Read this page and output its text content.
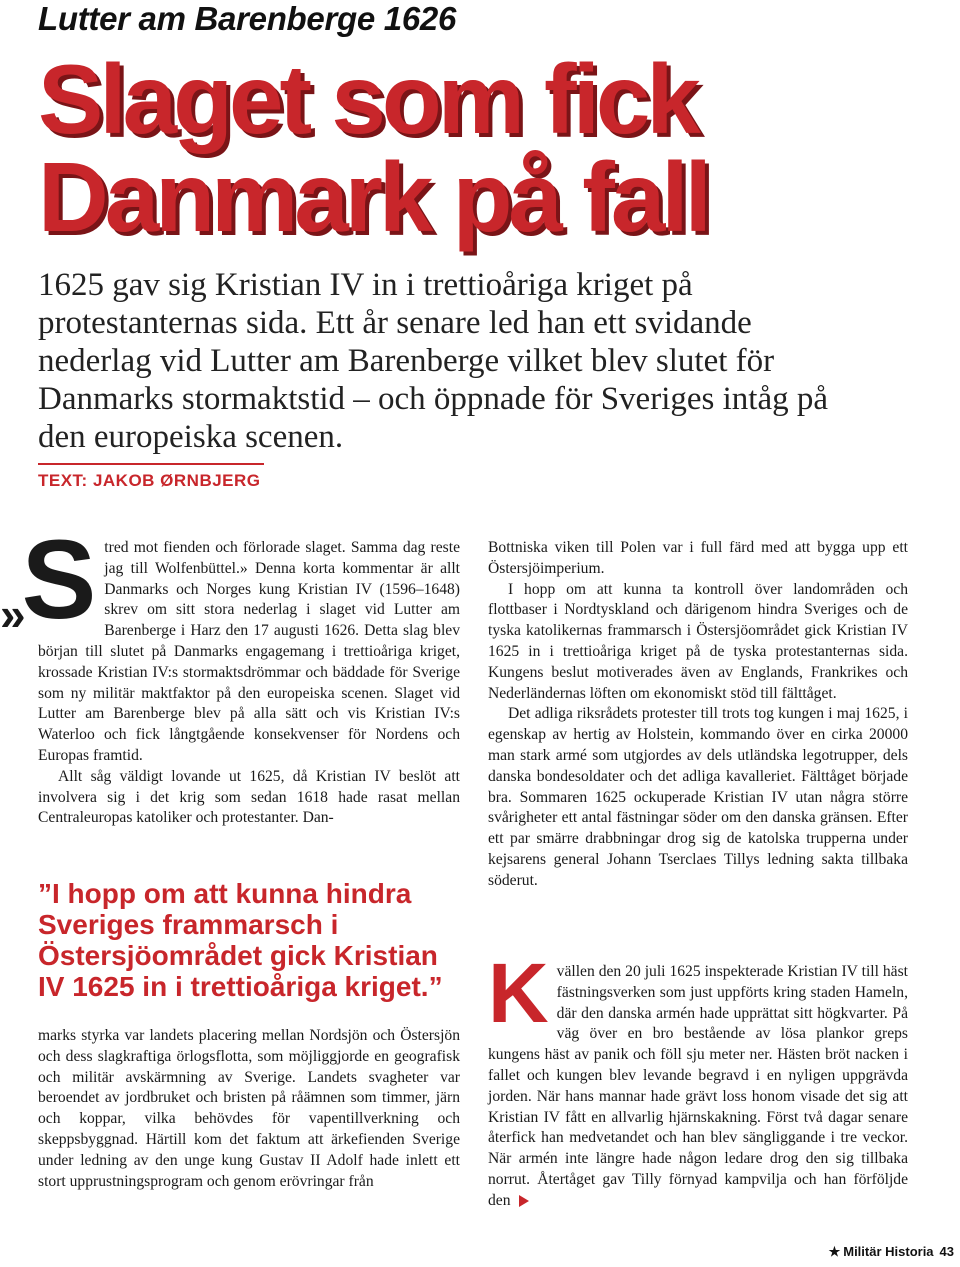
Lutter am Barenberge 1626
Slaget som fick
Danmark på fall

1625 gav sig Kristian IV in i trettioåriga kriget på protestanternas sida. Ett år senare led han ett svidande nederlag vid Lutter am Barenberge vilket blev slutet för Danmarks stormaktstid – och öppnade för Sveriges intåg på den europeiska scenen.

TEXT: JAKOB ØRNBJERG

»S tred mot fienden och förlorade slaget. Samma dag reste jag till Wolfenbüttel.» Denna korta kommentar är allt Danmarks och Norges kung Kristian IV (1596–1648) skrev om sitt stora nederlag i slaget vid Lutter am Barenberge i Harz den 17 augusti 1626. Detta slag blev början till slutet på Danmarks engagemang i trettioåriga kriget, krossade Kristian IV:s stormaktsdrömmar och bäddade för Sverige som ny militär maktfaktor på den europeiska scenen. Slaget vid Lutter am Barenberge blev på alla sätt och vis Kristian IV:s Waterloo och fick långtgående konsekvenser för Nordens och Europas framtid.

Allt såg väldigt lovande ut 1625, då Kristian IV beslöt att involvera sig i det krig som sedan 1618 hade rasat mellan Centraleuropas katoliker och protestanter. Dan-

”I hopp om att kunna hindra Sveriges frammarsch i Östersjöområdet gick Kristian IV 1625 in i trettioåriga kriget.”

marks styrka var landets placering mellan Nordsjön och Östersjön och dess slagkraftiga örlogsflotta, som möjliggjorde en geografisk och militär avskärmning av Sverige. Landets svagheter var beroendet av jordbruket och bristen på råämnen som timmer, järn och koppar, vilka behövdes för vapentillverkning och skeppsbyggnad. Härtill kom det faktum att ärkefienden Sverige under ledning av den unge kung Gustav II Adolf hade inlett ett stort upprustningsprogram och genom erövringar från

Bottniska viken till Polen var i full färd med att bygga upp ett Östersjöimperium.

I hopp om att kunna ta kontroll över landområden och flottbaser i Nordtyskland och därigenom hindra Sveriges och de tyska katolikernas frammarsch i Östersjöområdet gick Kristian IV 1625 in i trettioåriga kriget på de tyska protestanternas sida. Kungens beslut motiverades även av Englands, Frankrikes och Nederländernas löften om ekonomiskt stöd till fälttåget.

Det adliga riksrådets protester till trots tog kungen i maj 1625, i egenskap av hertig av Holstein, kommando över en cirka 20000 man stark armé som utgjordes av dels utländska legotrupper, dels danska bondesoldater och det adliga kavalleriet. Fälttåget började bra. Sommaren 1625 ockuperade Kristian IV utan några större svårigheter ett antal fästningar söder om den danska gränsen. Efter ett par smärre drabbningar drog sig de katolska trupperna under kejsarens general Johann Tserclaes Tillys ledning sakta tillbaka söderut.

Kvällen den 20 juli 1625 inspekterade Kristian IV till häst fästningsverken som just uppförts kring staden Hameln, där den danska armén hade upprättat sitt högkvarter. På väg över en bro bestående av lösa plankor greps kungens häst av panik och föll sju meter ner. Hästen bröt nacken i fallet och kungen blev levande begravd i en nyligen uppgrävda jorden. När hans mannar hade grävt loss honom visade det sig att Kristian IV fått en allvarlig hjärnskakning. Först två dagar senare återfick han medvetandet och han blev sängliggande i tre veckor. När armén inte längre hade någon ledare drog den sig tillbaka norrut. Återtåget gav Tilly förnyad kampvilja och han förföljde den

★ Militär Historia 43
